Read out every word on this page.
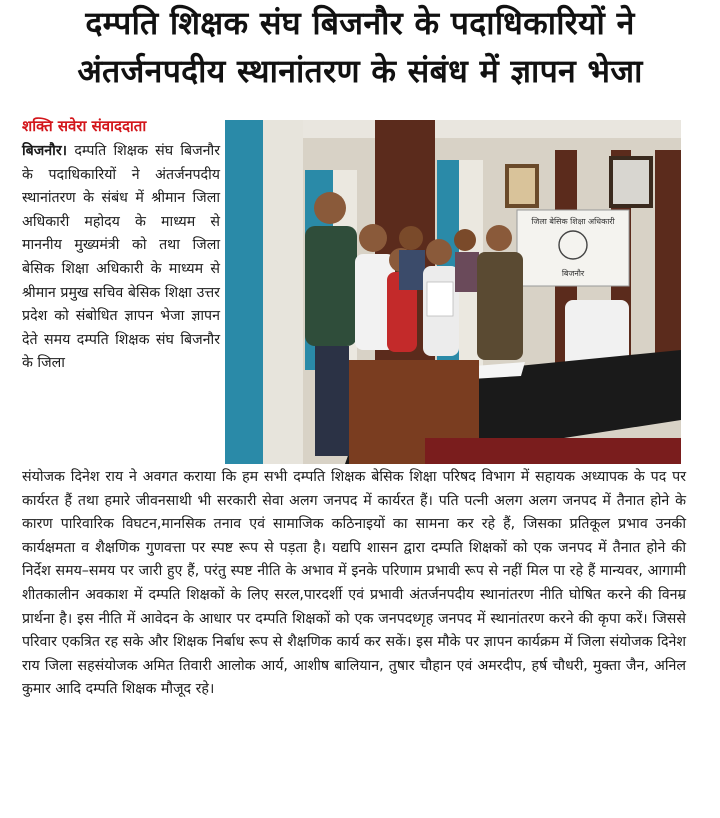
दम्पति शिक्षक संघ बिजनौर के पदाधिकारियों ने
अंतर्जनपदीय स्थानांतरण के संबंध में ज्ञापन भेजा
शक्ति सवेरा संवाददाता
बिजनौर। दम्पति शिक्षक संघ बिजनौर के पदाधिकारियों ने अंतर्जनपदीय स्थानांतरण के संबंध में श्रीमान जिला अधिकारी महोदय के माध्यम से माननीय मुख्यमंत्री को तथा जिला बेसिक शिक्षा अधिकारी के माध्यम से श्रीमान प्रमुख सचिव बेसिक शिक्षा उत्तर प्रदेश को संबोधित ज्ञापन भेजा ज्ञापन देते समय दम्पति शिक्षक संघ बिजनौर के जिला
जिला बेसिक शिक्षा अधिकारी
बिजनौर
संयोजक दिनेश राय ने अवगत कराया कि हम सभी दम्पति शिक्षक बेसिक शिक्षा परिषद विभाग में सहायक अध्यापक के पद पर कार्यरत हैं तथा हमारे जीवनसाथी भी सरकारी सेवा अलग जनपद में कार्यरत हैं। पति पत्नी अलग अलग जनपद में तैनात होने के कारण पारिवारिक विघटन,मानसिक तनाव एवं सामाजिक कठिनाइयों का सामना कर रहे हैं, जिसका प्रतिकूल प्रभाव उनकी कार्यक्षमता व शैक्षणिक गुणवत्ता पर स्पष्ट रूप से पड़ता है। यद्यपि शासन द्वारा दम्पति शिक्षकों को एक जनपद में तैनात होने की निर्देश समय–समय पर जारी हुए हैं, परंतु स्पष्ट नीति के अभाव में इनके परिणाम प्रभावी रूप से नहीं मिल पा रहे हैं मान्यवर, आगामी शीतकालीन अवकाश में दम्पति शिक्षकों के लिए सरल,पारदर्शी एवं प्रभावी अंतर्जनपदीय स्थानांतरण नीति घोषित करने की विनम्र प्रार्थना है। इस नीति में आवेदन के आधार पर दम्पति शिक्षकों को एक जनपदध्गृह जनपद में स्थानांतरण करने की कृपा करें। जिससे परिवार एकत्रित रह सके और शिक्षक निर्बाध रूप से शैक्षणिक कार्य कर सकें। इस मौके पर ज्ञापन कार्यक्रम में जिला संयोजक दिनेश राय जिला सहसंयोजक अमित तिवारी आलोक आर्य, आशीष बालियान, तुषार चौहान एवं अमरदीप, हर्ष चौधरी, मुक्ता जैन, अनिल कुमार आदि दम्पति शिक्षक मौजूद रहे।
